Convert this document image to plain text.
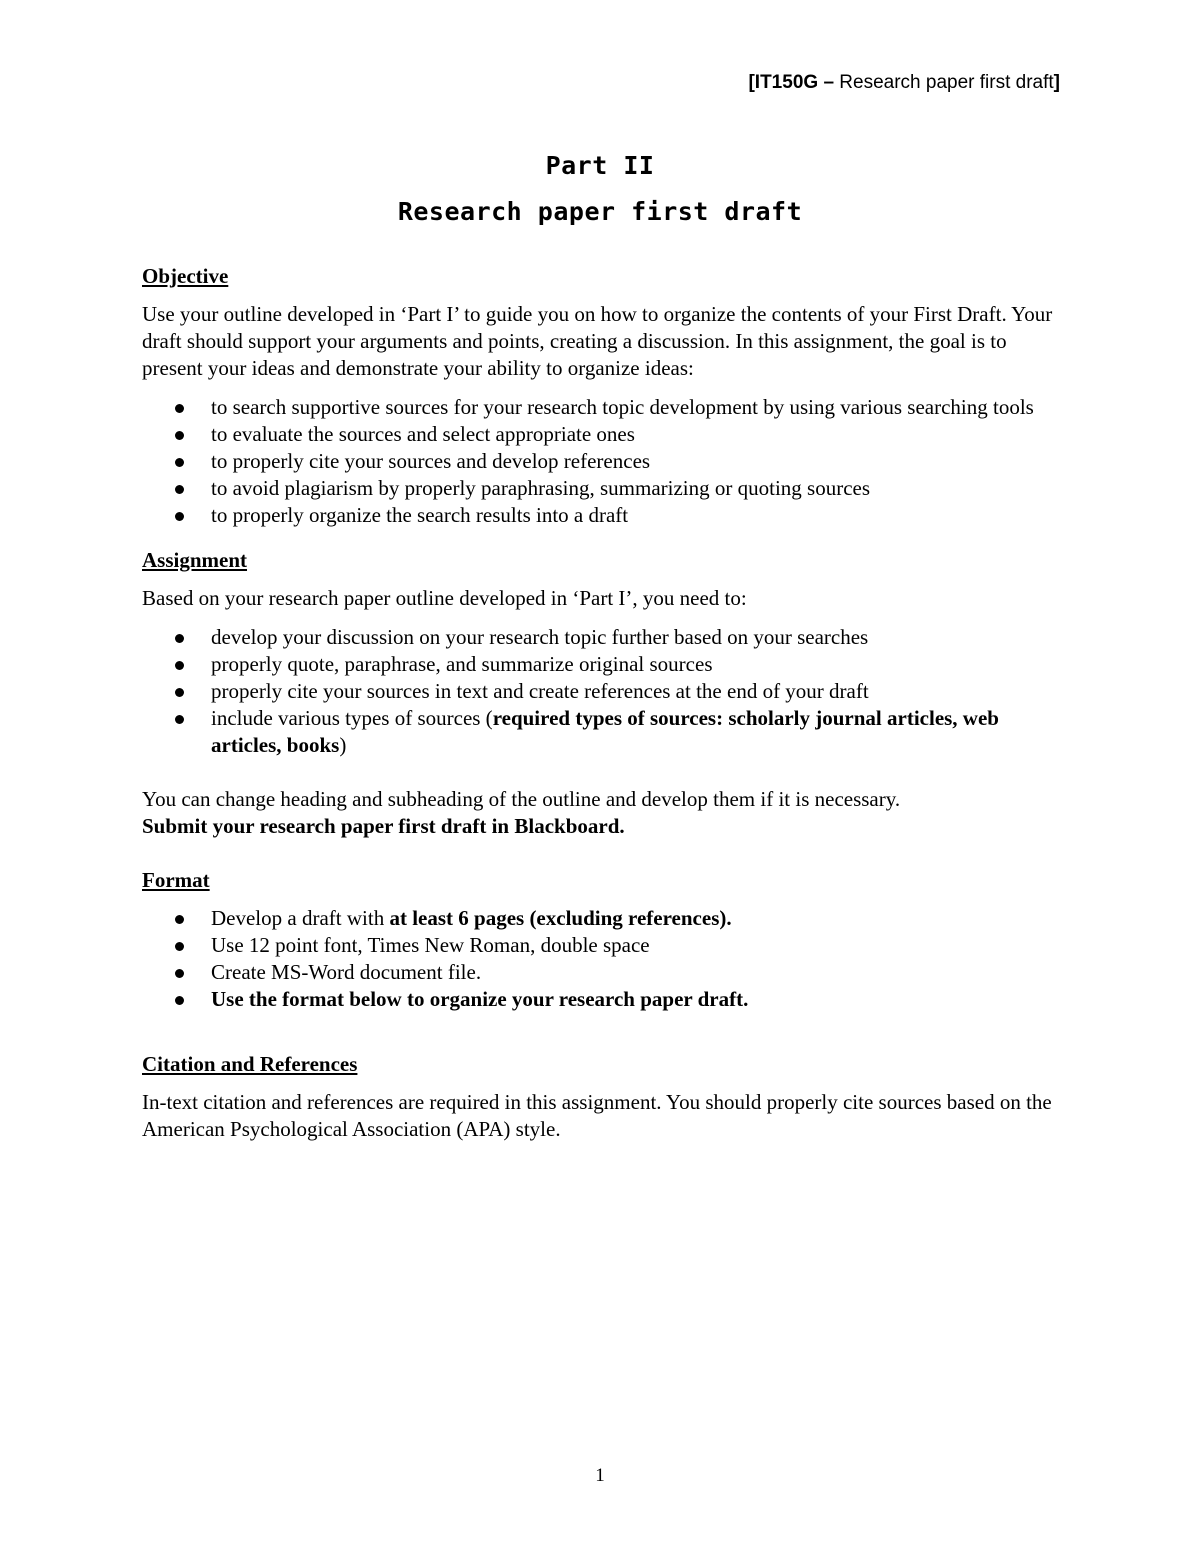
[IT150G – Research paper first draft]
Part II
Research paper first draft
Objective

Use your outline developed in ‘Part I’ to guide you on how to organize the contents of your First Draft. Your draft should support your arguments and points, creating a discussion. In this assignment, the goal is to present your ideas and demonstrate your ability to organize ideas:

to search supportive sources for your research topic development by using various searching tools
to evaluate the sources and select appropriate ones
to properly cite your sources and develop references
to avoid plagiarism by properly paraphrasing, summarizing or quoting sources
to properly organize the search results into a draft
Assignment

Based on your research paper outline developed in ‘Part I’, you need to:

develop your discussion on your research topic further based on your searches
properly quote, paraphrase, and summarize original sources
properly cite your sources in text and create references at the end of your draft
include various types of sources (required types of sources: scholarly journal articles, web articles, books)

You can change heading and subheading of the outline and develop them if it is necessary.

Submit your research paper first draft in Blackboard.

Format
Develop a draft with at least 6 pages (excluding references).
Use 12 point font, Times New Roman, double space
Create MS-Word document file.
Use the format below to organize your research paper draft.
Citation and References

In-text citation and references are required in this assignment. You should properly cite sources based on the American Psychological Association (APA) style.

1
